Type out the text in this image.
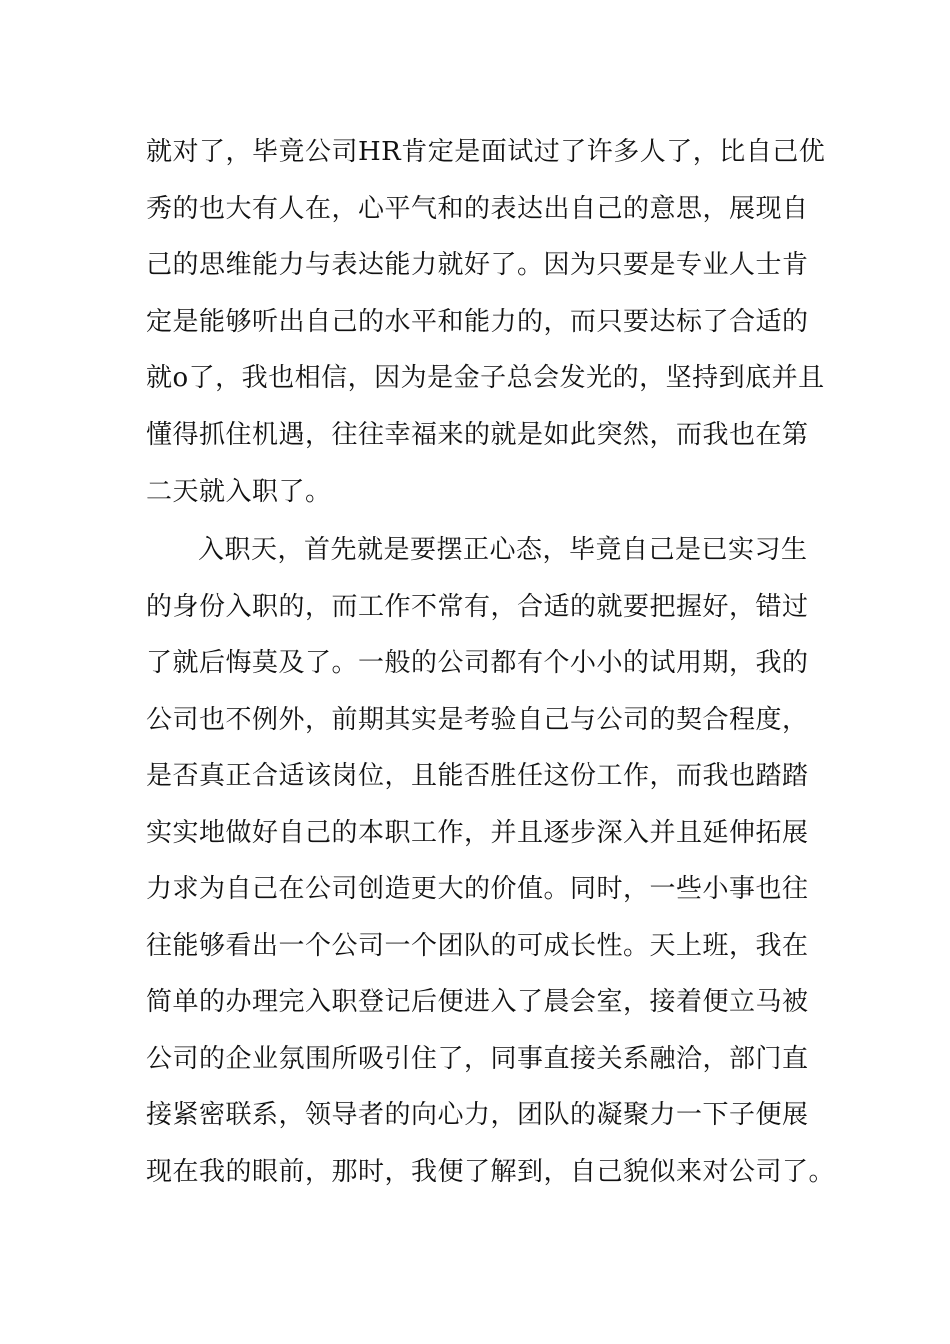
就对了，毕竟公司HR肯定是面试过了许多人了，比自己优
秀的也大有人在，心平气和的表达出自己的意思，展现自
己的思维能力与表达能力就好了。因为只要是专业人士肯
定是能够听出自己的水平和能力的，而只要达标了合适的
就o了，我也相信，因为是金子总会发光的，坚持到底并且
懂得抓住机遇，往往幸福来的就是如此突然，而我也在第
二天就入职了。
入职天，首先就是要摆正心态，毕竟自己是已实习生
的身份入职的，而工作不常有，合适的就要把握好，错过
了就后悔莫及了。一般的公司都有个小小的试用期，我的
公司也不例外，前期其实是考验自己与公司的契合程度，
是否真正合适该岗位，且能否胜任这份工作，而我也踏踏
实实地做好自己的本职工作，并且逐步深入并且延伸拓展
力求为自己在公司创造更大的价值。同时，一些小事也往
往能够看出一个公司一个团队的可成长性。天上班，我在
简单的办理完入职登记后便进入了晨会室，接着便立马被
公司的企业氛围所吸引住了，同事直接关系融洽，部门直
接紧密联系，领导者的向心力，团队的凝聚力一下子便展
现在我的眼前，那时，我便了解到，自己貌似来对公司了。
